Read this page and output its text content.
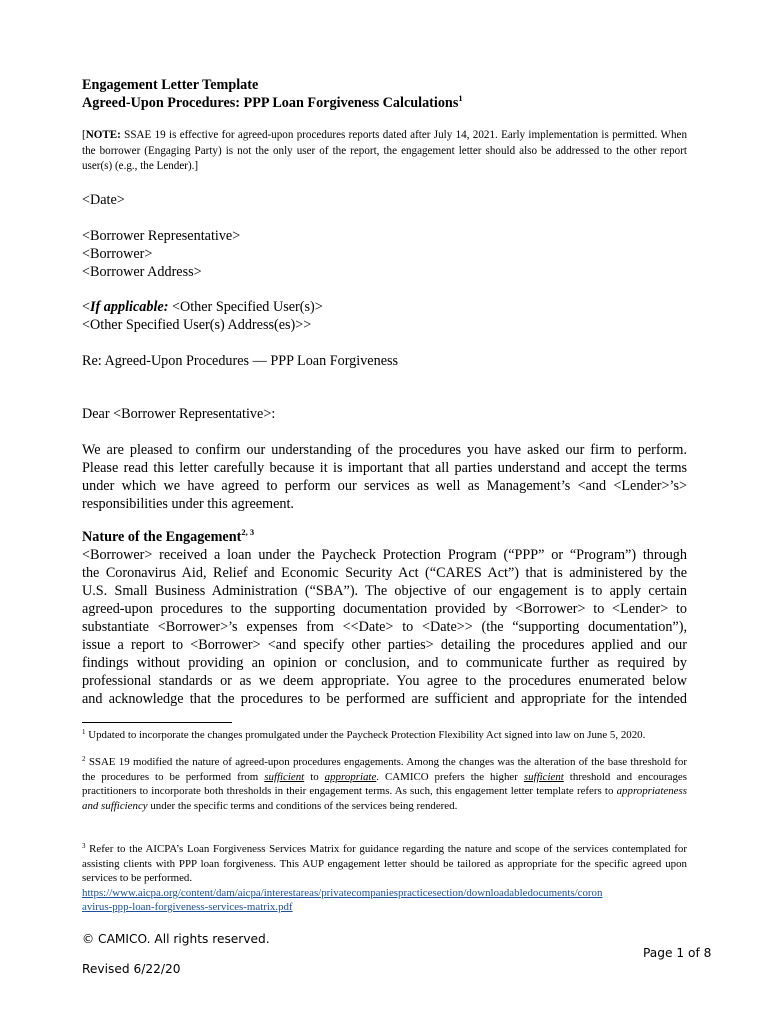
Engagement Letter Template
Agreed-Upon Procedures: PPP Loan Forgiveness Calculations$^1$
[NOTE: SSAE 19 is effective for agreed-upon procedures reports dated after July 14, 2021. Early implementation is permitted. When the borrower (Engaging Party) is not the only user of the report, the engagement letter should also be addressed to the other report user(s) (e.g., the Lender).]
<Date>
<Borrower Representative>
<Borrower>
<Borrower Address>
<If applicable: <Other Specified User(s)>
<Other Specified User(s) Address(es)>>
Re: Agreed-Upon Procedures — PPP Loan Forgiveness
Dear <Borrower Representative>:
We are pleased to confirm our understanding of the procedures you have asked our firm to perform. Please read this letter carefully because it is important that all parties understand and accept the terms under which we have agreed to perform our services as well as Management’s <and <Lender>’s> responsibilities under this agreement.
Nature of the Engagement$^{2, 3}$
<Borrower> received a loan under the Paycheck Protection Program (“PPP” or “Program”) through
the Coronavirus Aid, Relief and Economic Security Act (“CARES Act”) that is administered by the
U.S. Small Business Administration (“SBA”). The objective of our engagement is to apply certain
agreed-upon procedures to the supporting documentation provided by <Borrower> to <Lender> to
substantiate <Borrower>’s expenses from <<Date> to <Date>> (the “supporting documentation”),
issue a report to <Borrower> <and specify other parties> detailing the procedures applied and our
findings without providing an opinion or conclusion, and to communicate further as required by
professional standards or as we deem appropriate. You agree to the procedures enumerated below
and acknowledge that the procedures to be performed are sufficient and appropriate for the intended
$^1$ Updated to incorporate the changes promulgated under the Paycheck Protection Flexibility Act signed into law on June 5, 2020.
$^2$ SSAE 19 modified the nature of agreed-upon procedures engagements. Among the changes was the alteration of the base threshold for the procedures to be performed from sufficient to appropriate. CAMICO prefers the higher sufficient threshold and encourages practitioners to incorporate both thresholds in their engagement terms. As such, this engagement letter template refers to appropriateness and sufficiency under the specific terms and conditions of the services being rendered.
$^3$ Refer to the AICPA’s Loan Forgiveness Services Matrix for guidance regarding the nature and scope of the services contemplated for assisting clients with PPP loan forgiveness. This AUP engagement letter should be tailored as appropriate for the specific agreed upon services to be performed.
https://www.aicpa.org/content/dam/aicpa/interestareas/privatecompaniespracticesection/downloadabledocuments/coron
avirus-ppp-loan-forgiveness-services-matrix.pdf
© CAMICO. All rights reserved.
Page 1 of 8
Revised 6/22/20
